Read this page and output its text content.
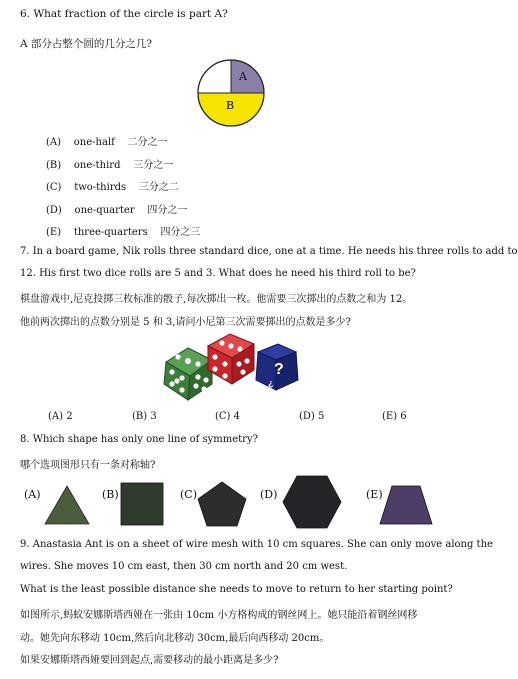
6. What fraction of the circle is part A?
A 部分占整个圆的几分之几?
A
B
(A) one-half 二分之一
(B) one-third 三分之一
(C) two-thirds 三分之二
(D) one-quarter 四分之一
(E) three-quarters 四分之三
7. In a board game, Nik rolls three standard dice, one at a time. He needs his three rolls to add to
12. His first two dice rolls are 5 and 3. What does he need his third roll to be?
棋盘游戏中,尼克投掷三枚标准的骰子,每次掷出一枚。他需要三次掷出的点数之和为 12。
他前两次掷出的点数分别是 5 和 3,请问小尼第三次需要掷出的点数是多少?
?
¿
(A) 2	(B) 3	(C) 4	(D) 5	(E) 6
8. Which shape has only one line of symmetry?
哪个选项图形只有一条对称轴?
(A)	(B)	(C)	(D)	(E)
9. Anastasia Ant is on a sheet of wire mesh with 10 cm squares. She can only move along the
wires. She moves 10 cm east, then 30 cm north and 20 cm west.
What is the least possible distance she needs to move to return to her starting point?
如图所示,蚂蚁安娜斯塔西娅在一张由 10cm 小方格构成的钢丝网上。她只能沿着钢丝网移
动。她先向东移动 10cm,然后向北移动 30cm,最后向西移动 20cm。
如果安娜斯塔西娅要回到起点,需要移动的最小距离是多少?
